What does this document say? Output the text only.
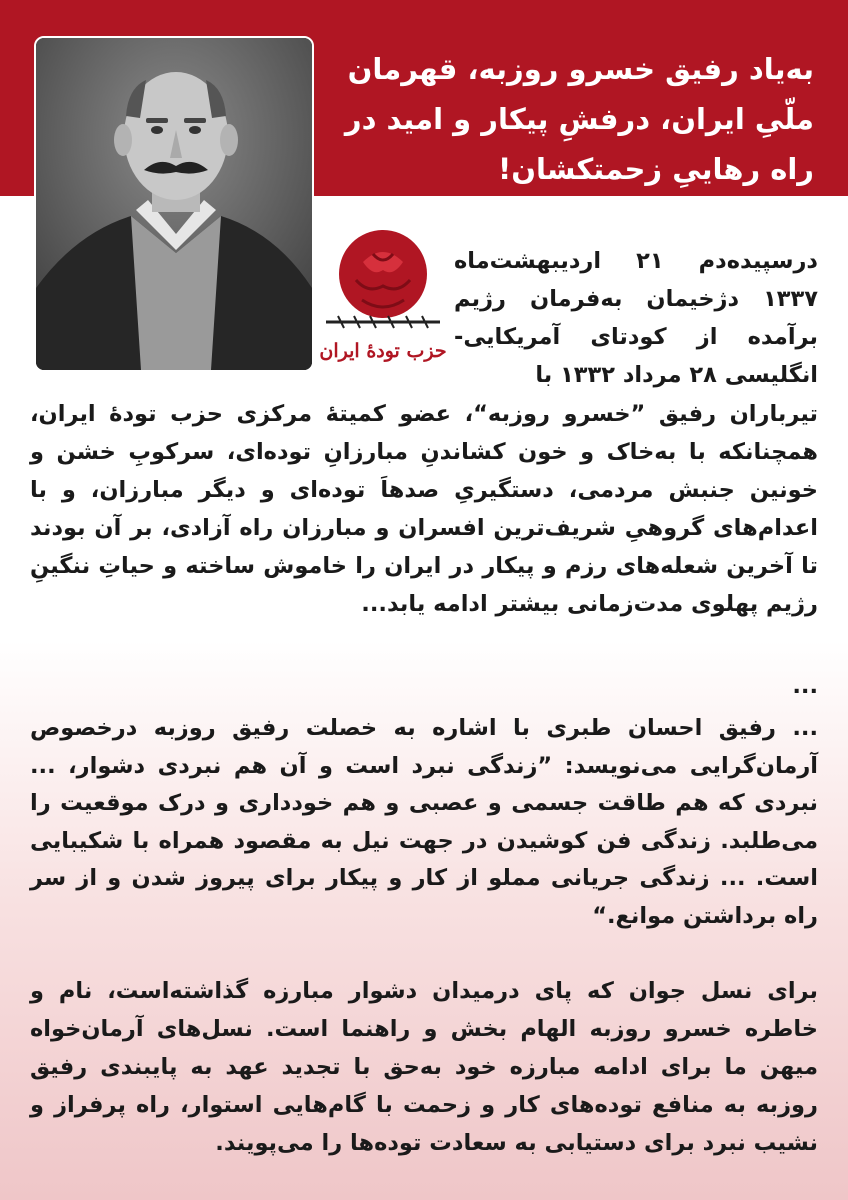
به‌یاد رفیق خسرو روزبه، قهرمان ملّیِ ایران، درفشِ پیکار و امید در راه رهاییِ زحمتکشان!
حزب تودهٔ ایران
درسپیده‌دم ۲۱ اردیبهشت‌ماه ۱۳۳۷ دژخیمان به‌فرمان رژیم برآمده از کودتای آمریکایی- انگلیسی ۲۸ مرداد ۱۳۳۲ با
تیرباران رفیق ”خسرو روزبه“، عضو کمیتهٔ مرکزی حزب تودهٔ ایران، همچنانکه با به‌خاک و خون کشاندنِ مبارزانِ توده‌ای، سرکوبِ خشن و خونین جنبش مردمی، دستگیریِ صدهاَ توده‌ای و دیگر مبارزان، و با اعدام‌های گروهیِ شریف‌ترین افسران و مبارزان راه آزادی، بر آن بودند تا آخرین شعله‌های رزم و پیکار در ایران را خاموش ساخته و حیاتِ ننگینِ رژیم پهلوی مدت‌زمانی بیشتر ادامه یابد...
...
... رفیق احسان طبری با اشاره به خصلت رفیق روزبه درخصوص آرمان‌گرایی می‌نویسد: ”زندگی نبرد است و آن هم نبردی دشوار، ... نبردی که هم طاقت جسمی و عصبی و هم خودداری و درک موقعیت را می‌طلبد. زندگی فن کوشیدن در جهت نیل به مقصود همراه با شکیبایی است. ... زندگی جریانی مملو از کار و پیکار برای پیروز شدن و از سر راه برداشتن موانع.“
برای نسل جوان که پای درمیدان دشوار مبارزه گذاشته‌است، نام و خاطره خسرو روزبه الهام بخش و راهنما است. نسل‌های آرمان‌خواه میهن ما برای ادامه مبارزه خود به‌حق با تجدید عهد به پایبندی رفیق روزبه به منافع توده‌های کار و زحمت با گام‌هایی استوار، راه پرفراز و نشیب نبرد برای دستیابی به سعادت توده‌ها را می‌پویند.
